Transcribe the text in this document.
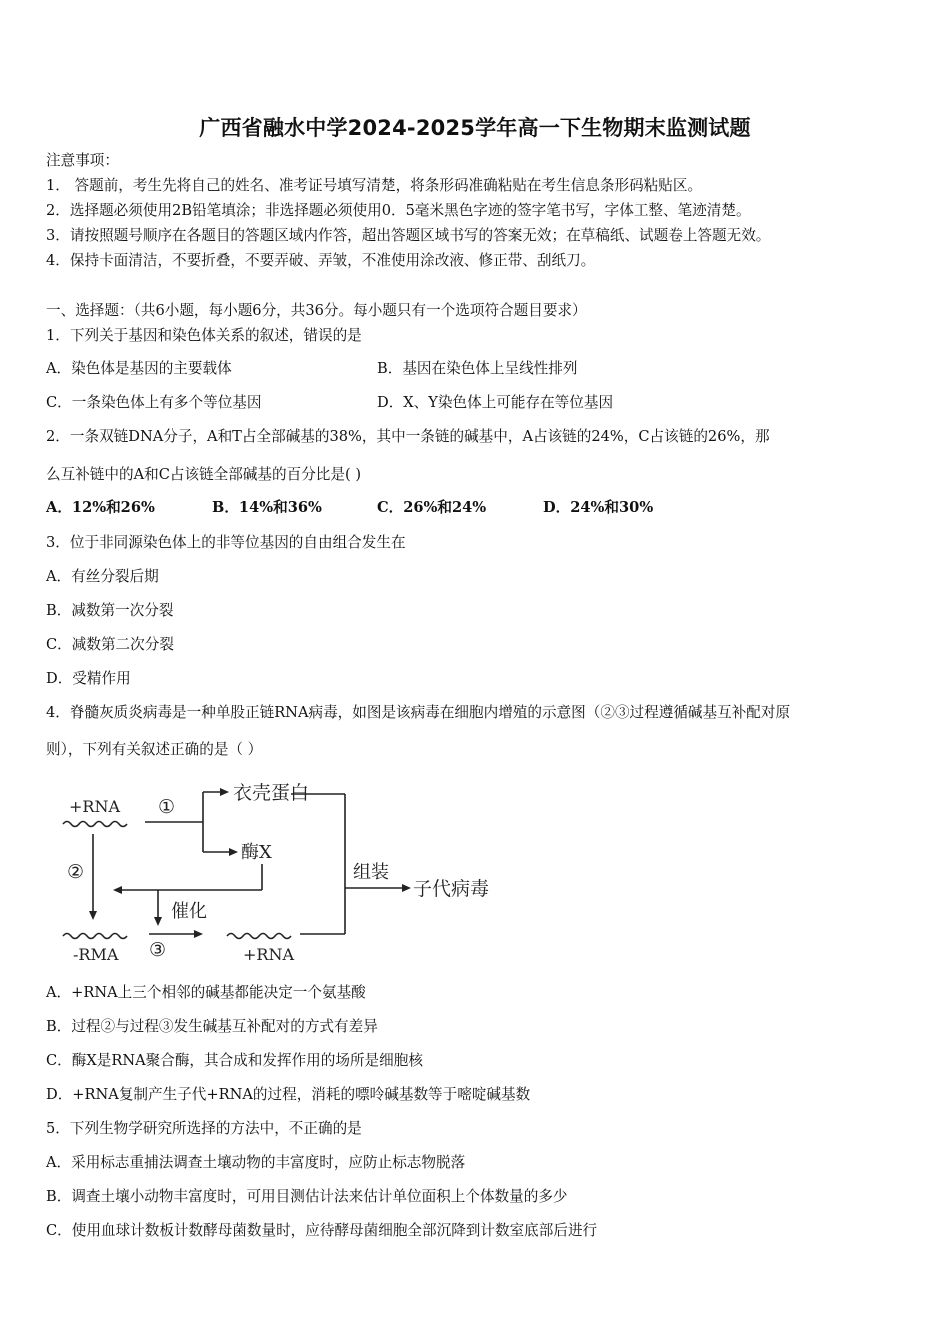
广西省融水中学2024-2025学年高一下生物期末监测试题
注意事项：
1． 答题前，考生先将自己的姓名、准考证号填写清楚，将条形码准确粘贴在考生信息条形码粘贴区。
2．选择题必须使用2B铅笔填涂；非选择题必须使用0．5毫米黑色字迹的签字笔书写，字体工整、笔迹清楚。
3．请按照题号顺序在各题目的答题区域内作答，超出答题区域书写的答案无效；在草稿纸、试题卷上答题无效。
4．保持卡面清洁，不要折叠，不要弄破、弄皱，不准使用涂改液、修正带、刮纸刀。
一、选择题：（共6小题，每小题6分，共36分。每小题只有一个选项符合题目要求）
1．下列关于基因和染色体关系的叙述，错误的是
A．染色体是基因的主要载体	B．基因在染色体上呈线性排列
C．一条染色体上有多个等位基因	D．X、Y染色体上可能存在等位基因
2．一条双链DNA分子，A和T占全部碱基的38%，其中一条链的碱基中，A占该链的24%，C占该链的26%，那
么互补链中的A和C占该链全部碱基的百分比是( )
A．12%和26%	B．14%和36%	C．26%和24%	D．24%和30%
3．位于非同源染色体上的非等位基因的自由组合发生在
A．有丝分裂后期
B．减数第一次分裂
C．减数第二次分裂
D．受精作用
4．脊髓灰质炎病毒是一种单股正链RNA病毒，如图是该病毒在细胞内增殖的示意图（②③过程遵循碱基互补配对原
则），下列有关叙述正确的是（ ）
+RNA ①
衣壳蛋白
酶X
②
催化
组装
子代病毒
-RMA ③	+RNA
A．+RNA上三个相邻的碱基都能决定一个氨基酸
B．过程②与过程③发生碱基互补配对的方式有差异
C．酶X是RNA聚合酶，其合成和发挥作用的场所是细胞核
D．+RNA复制产生子代+RNA的过程，消耗的嘌呤碱基数等于嘧啶碱基数
5．下列生物学研究所选择的方法中，不正确的是
A．采用标志重捕法调查土壤动物的丰富度时，应防止标志物脱落
B．调查土壤小动物丰富度时，可用目测估计法来估计单位面积上个体数量的多少
C．使用血球计数板计数酵母菌数量时，应待酵母菌细胞全部沉降到计数室底部后进行
